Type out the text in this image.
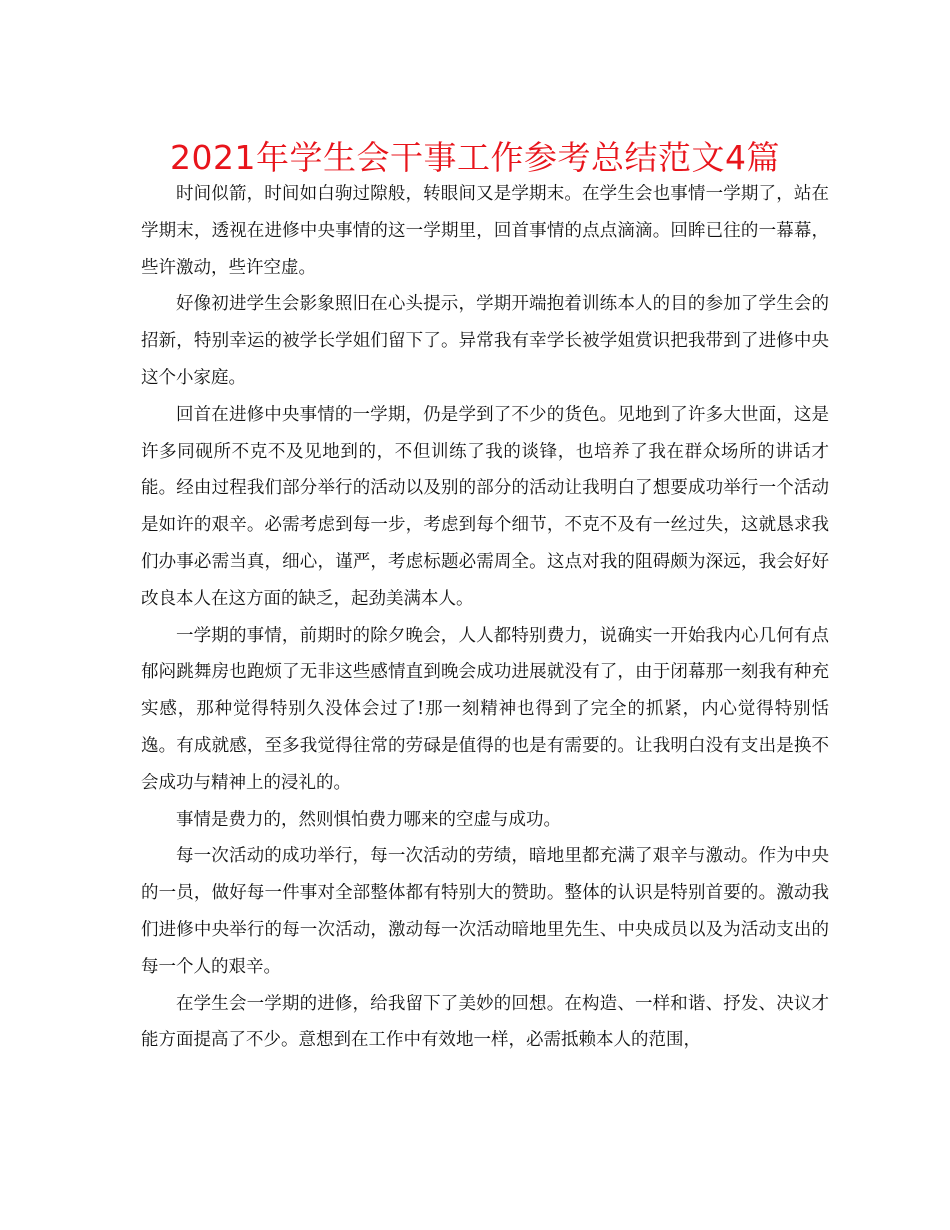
2021年学生会干事工作参考总结范文4篇

时间似箭，时间如白驹过隙般，转眼间又是学期末。在学生会也事情一学期了，站在学期末，透视在进修中央事情的这一学期里，回首事情的点点滴滴。回眸已往的一幕幕，些许激动，些许空虚。

好像初进学生会影象照旧在心头提示，学期开端抱着训练本人的目的参加了学生会的招新，特别幸运的被学长学姐们留下了。异常我有幸学长被学姐赏识把我带到了进修中央这个小家庭。

回首在进修中央事情的一学期，仍是学到了不少的货色。见地到了许多大世面，这是许多同砚所不克不及见地到的，不但训练了我的谈锋，也培养了我在群众场所的讲话才能。经由过程我们部分举行的活动以及别的部分的活动让我明白了想要成功举行一个活动是如许的艰辛。必需考虑到每一步，考虑到每个细节，不克不及有一丝过失，这就恳求我们办事必需当真，细心，谨严，考虑标题必需周全。这点对我的阻碍颇为深远，我会好好改良本人在这方面的缺乏，起劲美满本人。

一学期的事情，前期时的除夕晚会，人人都特别费力，说确实一开始我内心几何有点郁闷跳舞房也跑烦了无非这些感情直到晚会成功进展就没有了，由于闭幕那一刻我有种充实感，那种觉得特别久没体会过了!那一刻精神也得到了完全的抓紧，内心觉得特别恬逸。有成就感，至多我觉得往常的劳碌是值得的也是有需要的。让我明白没有支出是换不会成功与精神上的浸礼的。

事情是费力的，然则惧怕费力哪来的空虚与成功。

每一次活动的成功举行，每一次活动的劳绩，暗地里都充满了艰辛与激动。作为中央的一员，做好每一件事对全部整体都有特别大的赞助。整体的认识是特别首要的。激动我们进修中央举行的每一次活动，激动每一次活动暗地里先生、中央成员以及为活动支出的每一个人的艰辛。

在学生会一学期的进修，给我留下了美妙的回想。在构造、一样和谐、抒发、决议才能方面提高了不少。意想到在工作中有效地一样，必需抵赖本人的范围，
